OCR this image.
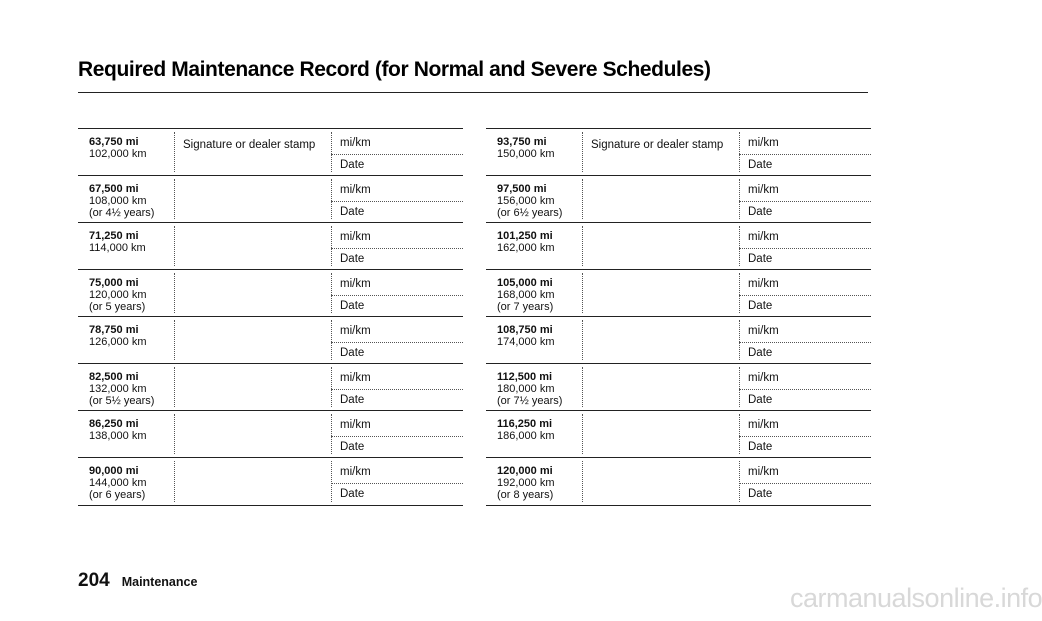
Required Maintenance Record (for Normal and Severe Schedules)
63,750 mi
102,000 km
Signature or dealer stamp mi/km
Date
67,500 mi
108,000 km
(or 4½ years)
mi/km
Date
71,250 mi
114,000 km
mi/km
Date
75,000 mi
120,000 km
(or 5 years)
mi/km
Date
78,750 mi
126,000 km
mi/km
Date
82,500 mi
132,000 km
(or 5½ years)
mi/km
Date
86,250 mi
138,000 km
mi/km
Date
90,000 mi
144,000 km
(or 6 years)
mi/km
Date
93,750 mi
150,000 km
Signature or dealer stamp mi/km
Date
97,500 mi
156,000 km
(or 6½ years)
mi/km
Date
101,250 mi
162,000 km
mi/km
Date
105,000 mi
168,000 km
(or 7 years)
mi/km
Date
108,750 mi
174,000 km
mi/km
Date
112,500 mi
180,000 km
(or 7½ years)
mi/km
Date
116,250 mi
186,000 km
mi/km
Date
120,000 mi
192,000 km
(or 8 years)
mi/km
Date
204 Maintenance
carmanualsonline.info
